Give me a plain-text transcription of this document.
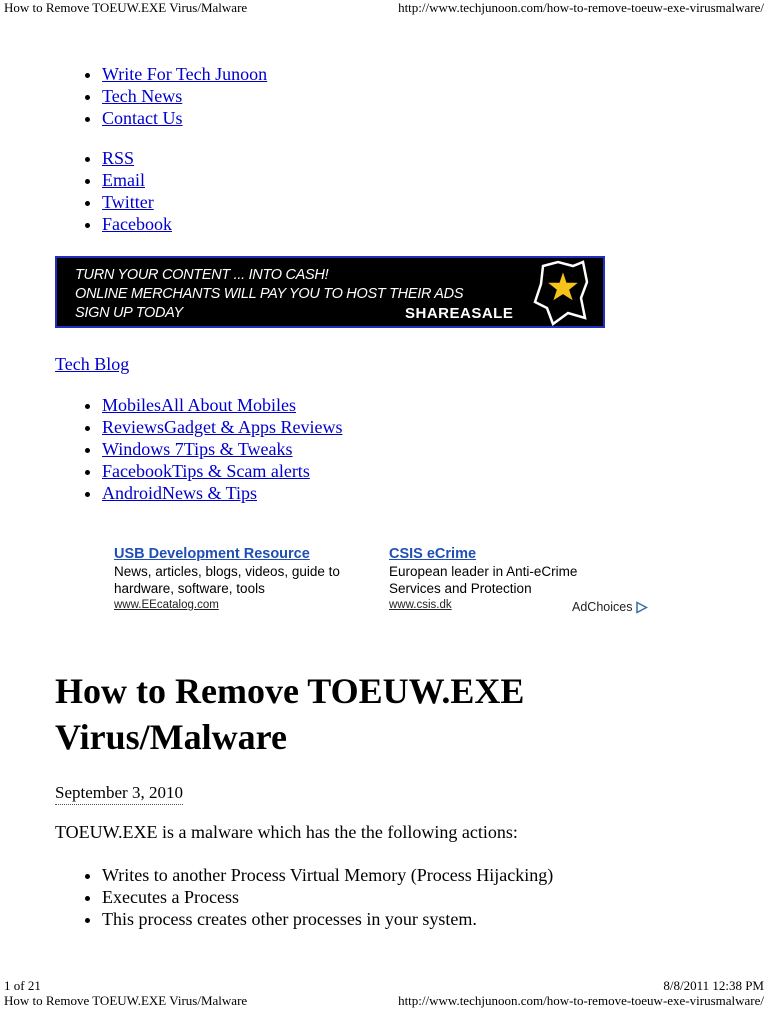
How to Remove TOEUW.EXE Virus/Malware	http://www.techjunoon.com/how-to-remove-toeuw-exe-virusmalware/
• Write For Tech Junoon
• Tech News
• Contact Us
• RSS
• Email
• Twitter
• Facebook
TURN YOUR CONTENT ... INTO CASH!
ONLINE MERCHANTS WILL PAY YOU TO HOST THEIR ADS
SIGN UP TODAY	SHAREASALE
Tech Blog
• MobilesAll About Mobiles
• ReviewsGadget & Apps Reviews
• Windows 7Tips & Tweaks
• FacebookTips & Scam alerts
• AndroidNews & Tips
USB Development Resource
News, articles, blogs, videos, guide to
hardware, software, tools
www.EEcatalog.com
CSIS eCrime
European leader in Anti-eCrime
Services and Protection
www.csis.dk	AdChoices
How to Remove TOEUW.EXE
Virus/Malware
September 3, 2010
TOEUW.EXE is a malware which has the the following actions:
• Writes to another Process Virtual Memory (Process Hijacking)
• Executes a Process
• This process creates other processes in your system.
1 of 21	8/8/2011 12:38 PM
How to Remove TOEUW.EXE Virus/Malware	http://www.techjunoon.com/how-to-remove-toeuw-exe-virusmalware/
